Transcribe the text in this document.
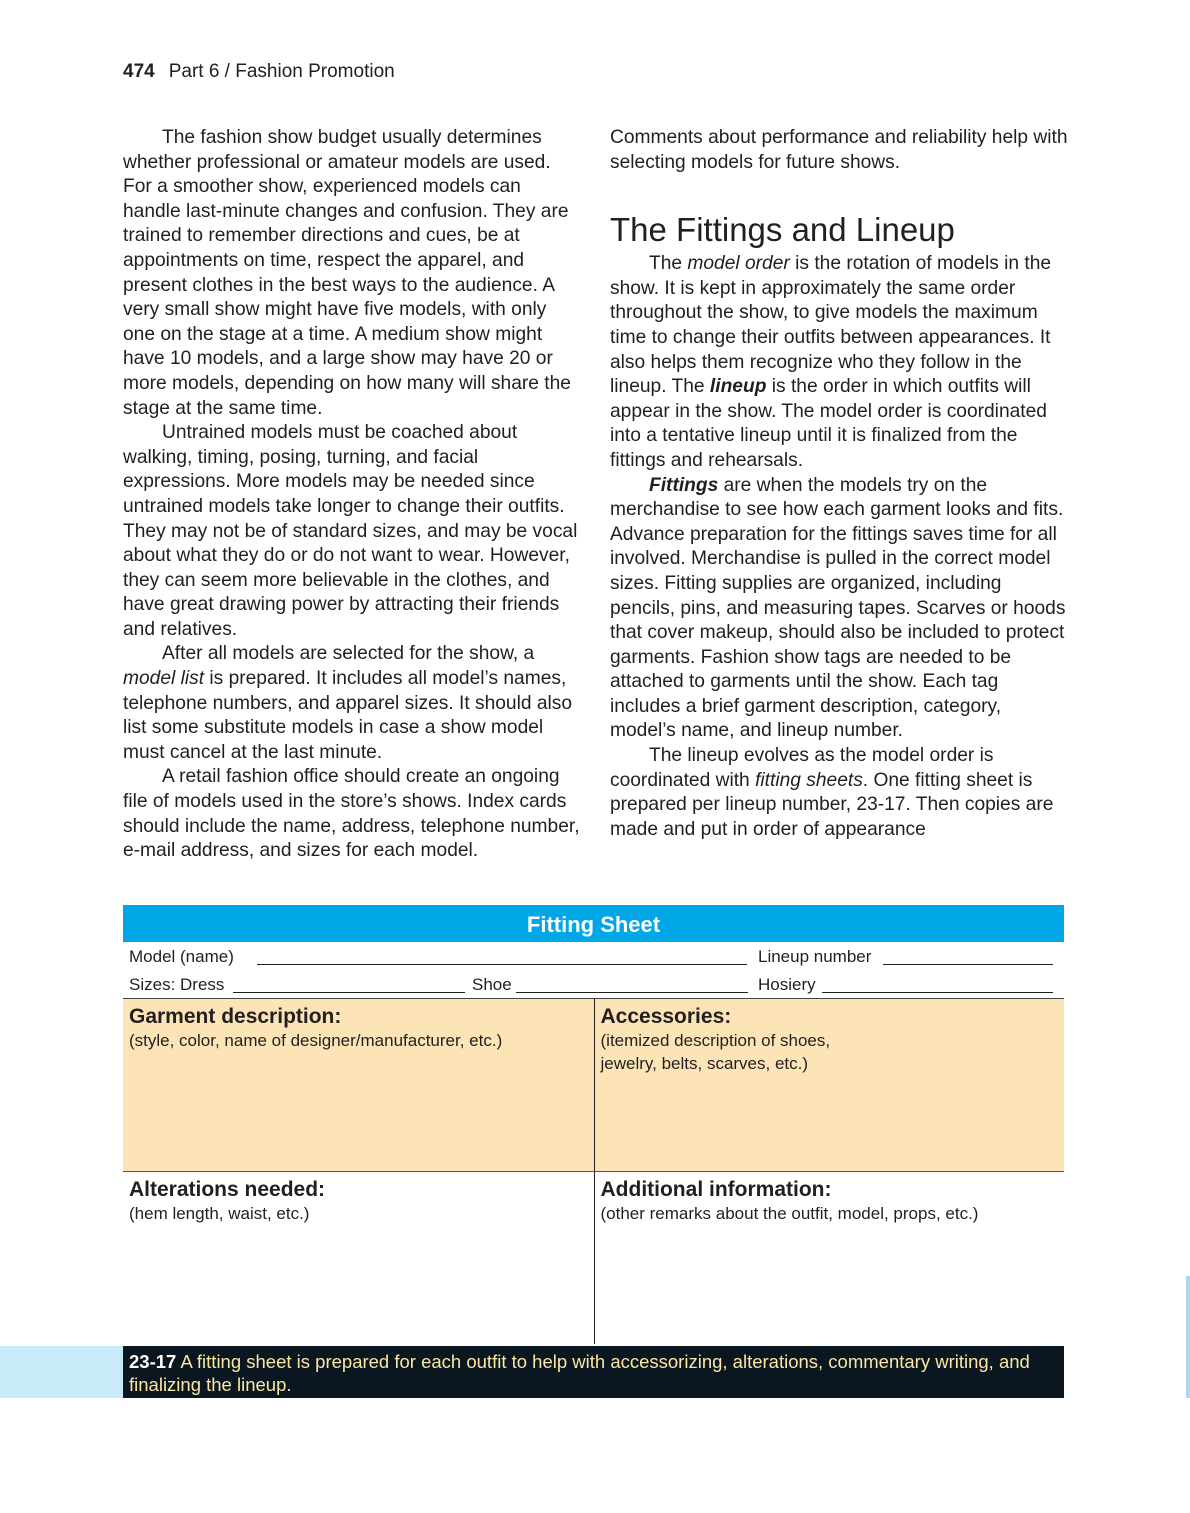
474 Part 6 / Fashion Promotion

The fashion show budget usually determines whether professional or amateur models are used. For a smoother show, experienced models can handle last-minute changes and confusion. They are trained to remember directions and cues, be at appointments on time, respect the apparel, and present clothes in the best ways to the audience. A very small show might have five models, with only one on the stage at a time. A medium show might have 10 models, and a large show may have 20 or more models, depending on how many will share the stage at the same time.

Untrained models must be coached about walking, timing, posing, turning, and facial expressions. More models may be needed since untrained models take longer to change their outfits. They may not be of standard sizes, and may be vocal about what they do or do not want to wear. However, they can seem more believable in the clothes, and have great drawing power by attracting their friends and relatives.

After all models are selected for the show, a model list is prepared. It includes all model’s names, telephone numbers, and apparel sizes. It should also list some substitute models in case a show model must cancel at the last minute.

A retail fashion office should create an ongoing file of models used in the store’s shows. Index cards should include the name, address, telephone number, e-mail address, and sizes for each model.

Comments about performance and reliability help with selecting models for future shows.

The Fittings and Lineup

The model order is the rotation of models in the show. It is kept in approximately the same order throughout the show, to give models the maximum time to change their outfits between appearances. It also helps them recognize who they follow in the lineup. The lineup is the order in which outfits will appear in the show. The model order is coordinated into a tentative lineup until it is finalized from the fittings and rehearsals.

Fittings are when the models try on the merchandise to see how each garment looks and fits. Advance preparation for the fittings saves time for all involved. Merchandise is pulled in the correct model sizes. Fitting supplies are organized, including pencils, pins, and measuring tapes. Scarves or hoods that cover makeup, should also be included to protect garments. Fashion show tags are needed to be attached to garments until the show. Each tag includes a brief garment description, category, model’s name, and lineup number.

The lineup evolves as the model order is coordinated with fitting sheets. One fitting sheet is prepared per lineup number, 23-17. Then copies are made and put in order of appearance

Fitting Sheet
Model (name)	Lineup number
Sizes: Dress	Shoe	Hosiery
Garment description:
(style, color, name of designer/manufacturer, etc.)
Accessories:
(itemized description of shoes,
jewelry, belts, scarves, etc.)
Alterations needed:
(hem length, waist, etc.)
Additional information:
(other remarks about the outfit, model, props, etc.)
23-17 A fitting sheet is prepared for each outfit to help with accessorizing, alterations, commentary writing, and finalizing the lineup.
